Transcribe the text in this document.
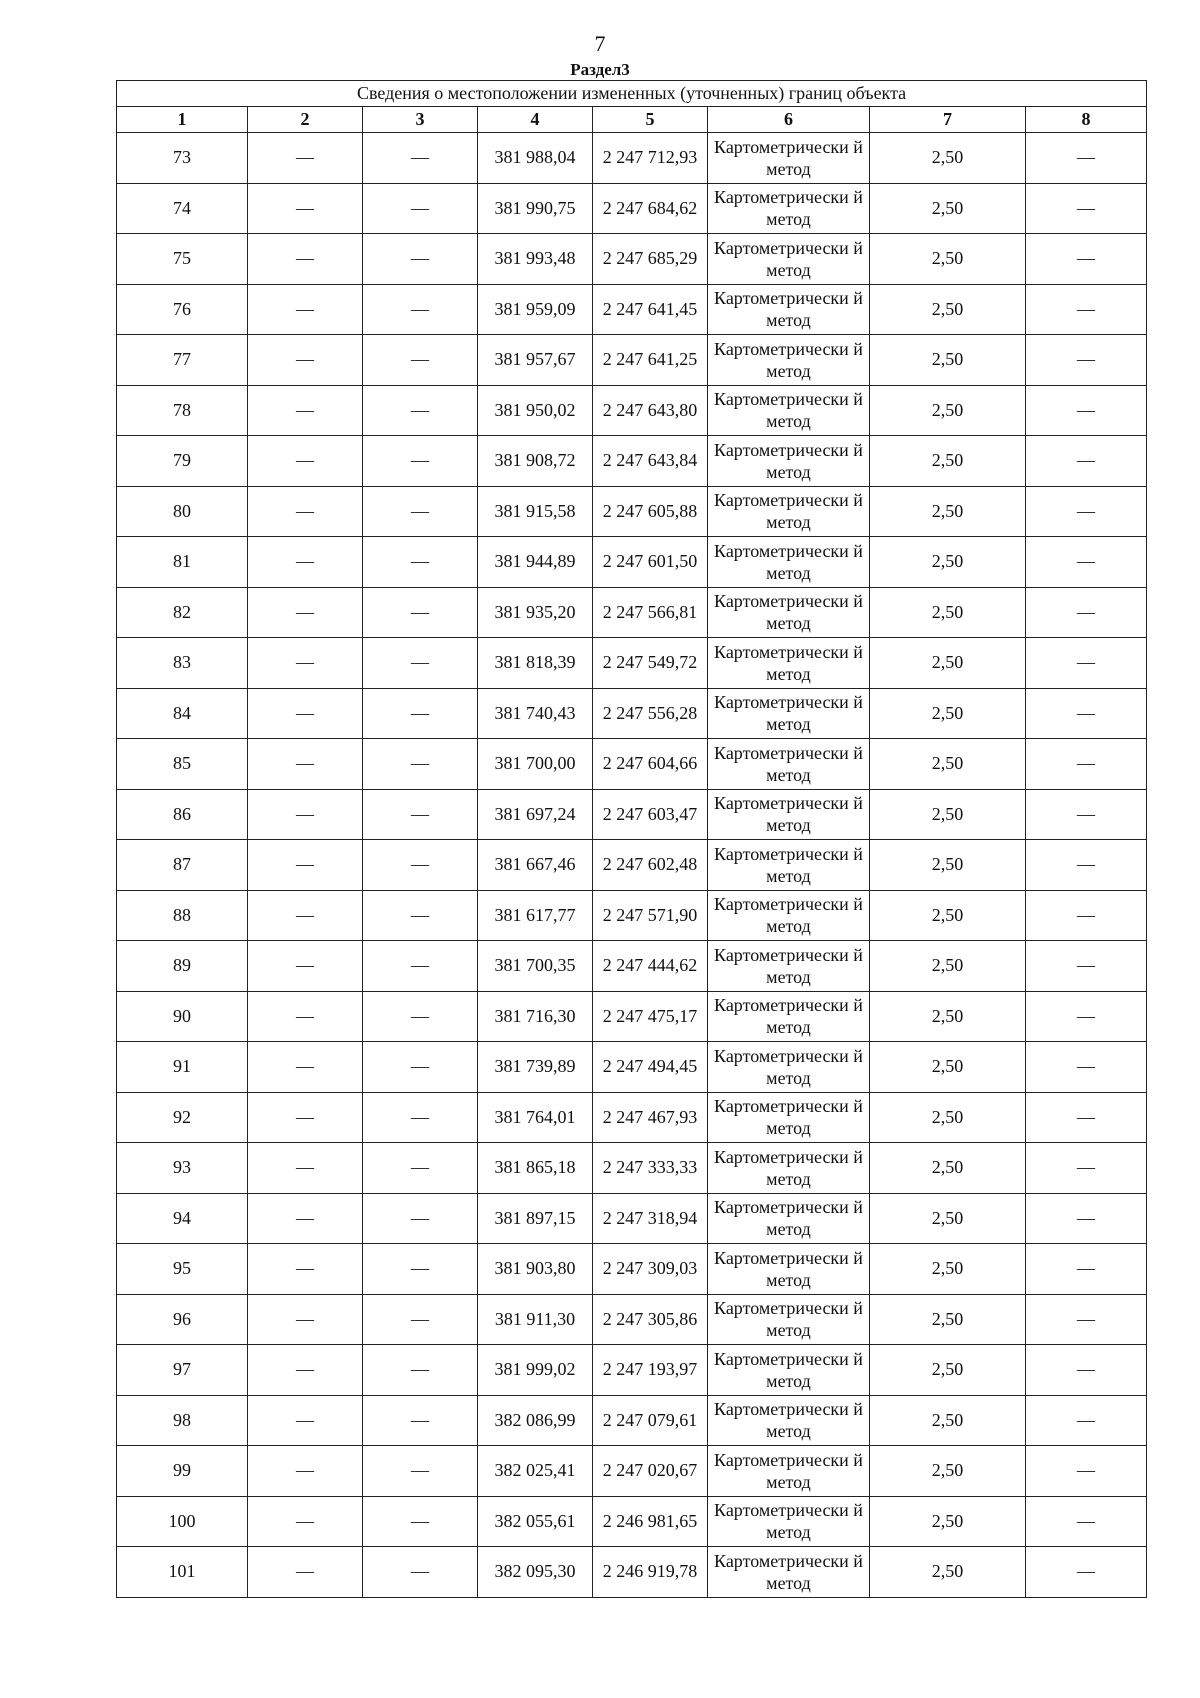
7
Раздел3
Сведения о местоположении измененных (уточненных) границ объекта							
1	2	3	4	5	6	7	8
73	—	—	381 988,04	2 247 712,93	Картометрически й метод	2,50	—
74	—	—	381 990,75	2 247 684,62	Картометрически й метод	2,50	—
75	—	—	381 993,48	2 247 685,29	Картометрически й метод	2,50	—
76	—	—	381 959,09	2 247 641,45	Картометрически й метод	2,50	—
77	—	—	381 957,67	2 247 641,25	Картометрически й метод	2,50	—
78	—	—	381 950,02	2 247 643,80	Картометрически й метод	2,50	—
79	—	—	381 908,72	2 247 643,84	Картометрически й метод	2,50	—
80	—	—	381 915,58	2 247 605,88	Картометрически й метод	2,50	—
81	—	—	381 944,89	2 247 601,50	Картометрически й метод	2,50	—
82	—	—	381 935,20	2 247 566,81	Картометрически й метод	2,50	—
83	—	—	381 818,39	2 247 549,72	Картометрически й метод	2,50	—
84	—	—	381 740,43	2 247 556,28	Картометрически й метод	2,50	—
85	—	—	381 700,00	2 247 604,66	Картометрически й метод	2,50	—
86	—	—	381 697,24	2 247 603,47	Картометрически й метод	2,50	—
87	—	—	381 667,46	2 247 602,48	Картометрически й метод	2,50	—
88	—	—	381 617,77	2 247 571,90	Картометрически й метод	2,50	—
89	—	—	381 700,35	2 247 444,62	Картометрически й метод	2,50	—
90	—	—	381 716,30	2 247 475,17	Картометрически й метод	2,50	—
91	—	—	381 739,89	2 247 494,45	Картометрически й метод	2,50	—
92	—	—	381 764,01	2 247 467,93	Картометрически й метод	2,50	—
93	—	—	381 865,18	2 247 333,33	Картометрически й метод	2,50	—
94	—	—	381 897,15	2 247 318,94	Картометрически й метод	2,50	—
95	—	—	381 903,80	2 247 309,03	Картометрически й метод	2,50	—
96	—	—	381 911,30	2 247 305,86	Картометрически й метод	2,50	—
97	—	—	381 999,02	2 247 193,97	Картометрически й метод	2,50	—
98	—	—	382 086,99	2 247 079,61	Картометрически й метод	2,50	—
99	—	—	382 025,41	2 247 020,67	Картометрически й метод	2,50	—
100	—	—	382 055,61	2 246 981,65	Картометрически й метод	2,50	—
101	—	—	382 095,30	2 246 919,78	Картометрически й метод	2,50	—
